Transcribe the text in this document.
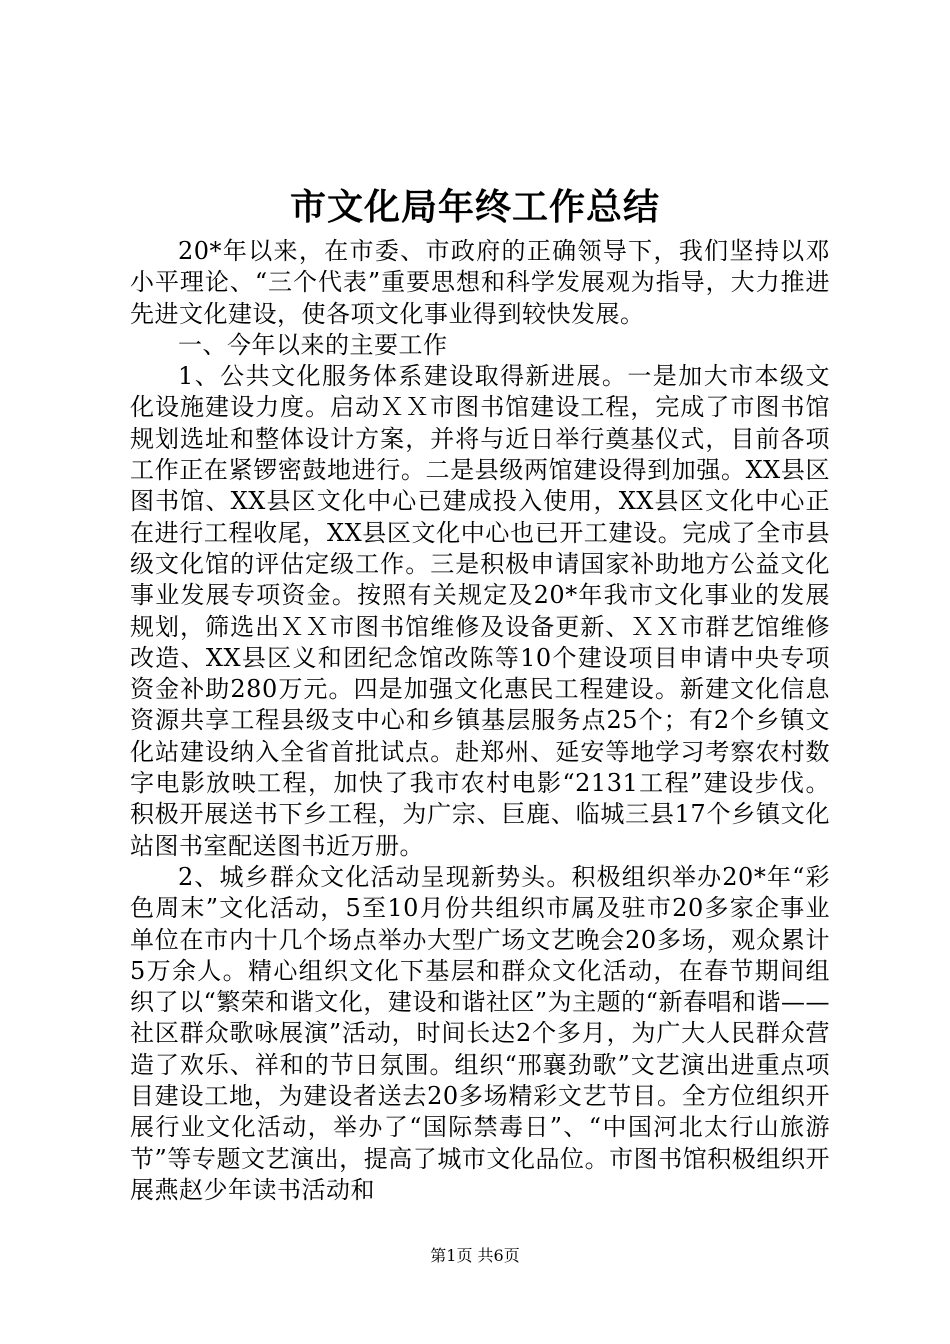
市文化局年终工作总结

20*年以来，在市委、市政府的正确领导下，我们坚持以邓小平理论、“三个代表”重要思想和科学发展观为指导，大力推进先进文化建设，使各项文化事业得到较快发展。

一、今年以来的主要工作

1、公共文化服务体系建设取得新进展。一是加大市本级文化设施建设力度。启动ＸＸ市图书馆建设工程，完成了市图书馆规划选址和整体设计方案，并将与近日举行奠基仪式，目前各项工作正在紧锣密鼓地进行。二是县级两馆建设得到加强。XX县区图书馆、XX县区文化中心已建成投入使用，XX县区文化中心正在进行工程收尾，XX县区文化中心也已开工建设。完成了全市县级文化馆的评估定级工作。三是积极申请国家补助地方公益文化事业发展专项资金。按照有关规定及20*年我市文化事业的发展规划，筛选出ＸＸ市图书馆维修及设备更新、ＸＸ市群艺馆维修改造、XX县区义和团纪念馆改陈等10个建设项目申请中央专项资金补助280万元。四是加强文化惠民工程建设。新建文化信息资源共享工程县级支中心和乡镇基层服务点25个；有2个乡镇文化站建设纳入全省首批试点。赴郑州、延安等地学习考察农村数字电影放映工程，加快了我市农村电影“2131工程”建设步伐。积极开展送书下乡工程，为广宗、巨鹿、临城三县17个乡镇文化站图书室配送图书近万册。

2、城乡群众文化活动呈现新势头。积极组织举办20*年“彩色周末”文化活动，5至10月份共组织市属及驻市20多家企事业单位在市内十几个场点举办大型广场文艺晚会20多场，观众累计5万余人。精心组织文化下基层和群众文化活动，在春节期间组织了以“繁荣和谐文化，建设和谐社区”为主题的“新春唱和谐——社区群众歌咏展演”活动，时间长达2个多月，为广大人民群众营造了欢乐、祥和的节日氛围。组织“邢襄劲歌”文艺演出进重点项目建设工地，为建设者送去20多场精彩文艺节目。全方位组织开展行业文化活动，举办了“国际禁毒日”、“中国河北太行山旅游节”等专题文艺演出，提高了城市文化品位。市图书馆积极组织开展燕赵少年读书活动和

第1页 共6页
